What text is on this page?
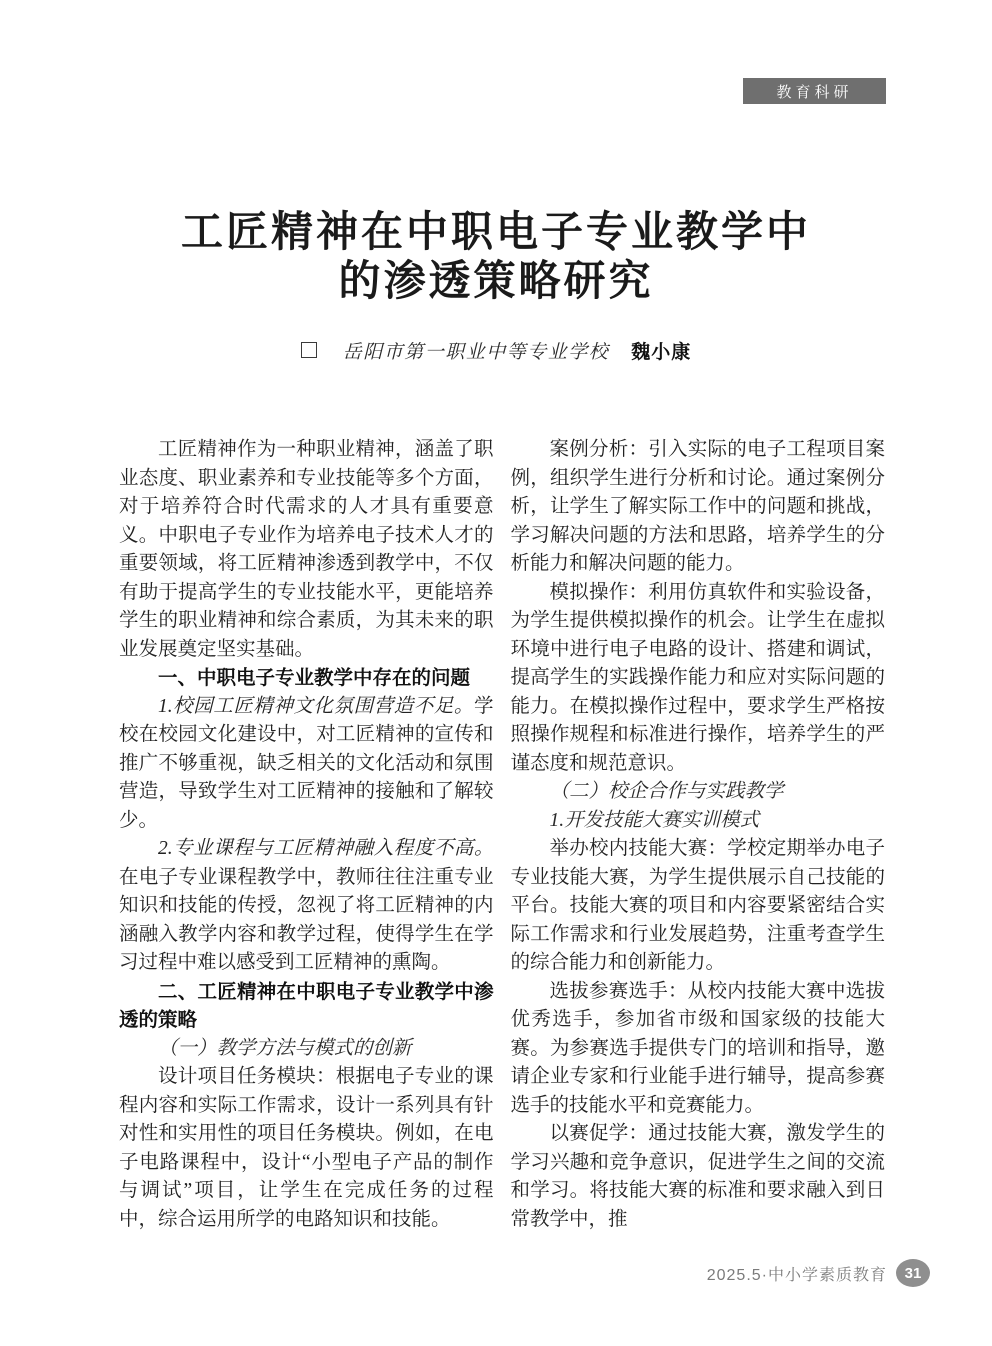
教育科研
工匠精神在中职电子专业教学中
的渗透策略研究
岳阳市第一职业中等专业学校 魏小康

工匠精神作为一种职业精神，涵盖了职业态度、职业素养和专业技能等多个方面，对于培养符合时代需求的人才具有重要意义。中职电子专业作为培养电子技术人才的重要领域，将工匠精神渗透到教学中，不仅有助于提高学生的专业技能水平，更能培养学生的职业精神和综合素质，为其未来的职业发展奠定坚实基础。

一、中职电子专业教学中存在的问题

1.校园工匠精神文化氛围营造不足。学校在校园文化建设中，对工匠精神的宣传和推广不够重视，缺乏相关的文化活动和氛围营造，导致学生对工匠精神的接触和了解较少。

2.专业课程与工匠精神融入程度不高。在电子专业课程教学中，教师往往注重专业知识和技能的传授，忽视了将工匠精神的内涵融入教学内容和教学过程，使得学生在学习过程中难以感受到工匠精神的熏陶。

二、工匠精神在中职电子专业教学中渗透的策略

（一）教学方法与模式的创新

设计项目任务模块：根据电子专业的课程内容和实际工作需求，设计一系列具有针对性和实用性的项目任务模块。例如，在电子电路课程中，设计“小型电子产品的制作与调试”项目，让学生在完成任务的过程中，综合运用所学的电路知识和技能。

案例分析：引入实际的电子工程项目案例，组织学生进行分析和讨论。通过案例分析，让学生了解实际工作中的问题和挑战，学习解决问题的方法和思路，培养学生的分析能力和解决问题的能力。

模拟操作：利用仿真软件和实验设备，为学生提供模拟操作的机会。让学生在虚拟环境中进行电子电路的设计、搭建和调试，提高学生的实践操作能力和应对实际问题的能力。在模拟操作过程中，要求学生严格按照操作规程和标准进行操作，培养学生的严谨态度和规范意识。

（二）校企合作与实践教学

1.开发技能大赛实训模式

举办校内技能大赛：学校定期举办电子专业技能大赛，为学生提供展示自己技能的平台。技能大赛的项目和内容要紧密结合实际工作需求和行业发展趋势，注重考查学生的综合能力和创新能力。

选拔参赛选手：从校内技能大赛中选拔优秀选手，参加省市级和国家级的技能大赛。为参赛选手提供专门的培训和指导，邀请企业专家和行业能手进行辅导，提高参赛选手的技能水平和竞赛能力。

以赛促学：通过技能大赛，激发学生的学习兴趣和竞争意识，促进学生之间的交流和学习。将技能大赛的标准和要求融入到日常教学中，推

2025.5·中小学素质教育 31
